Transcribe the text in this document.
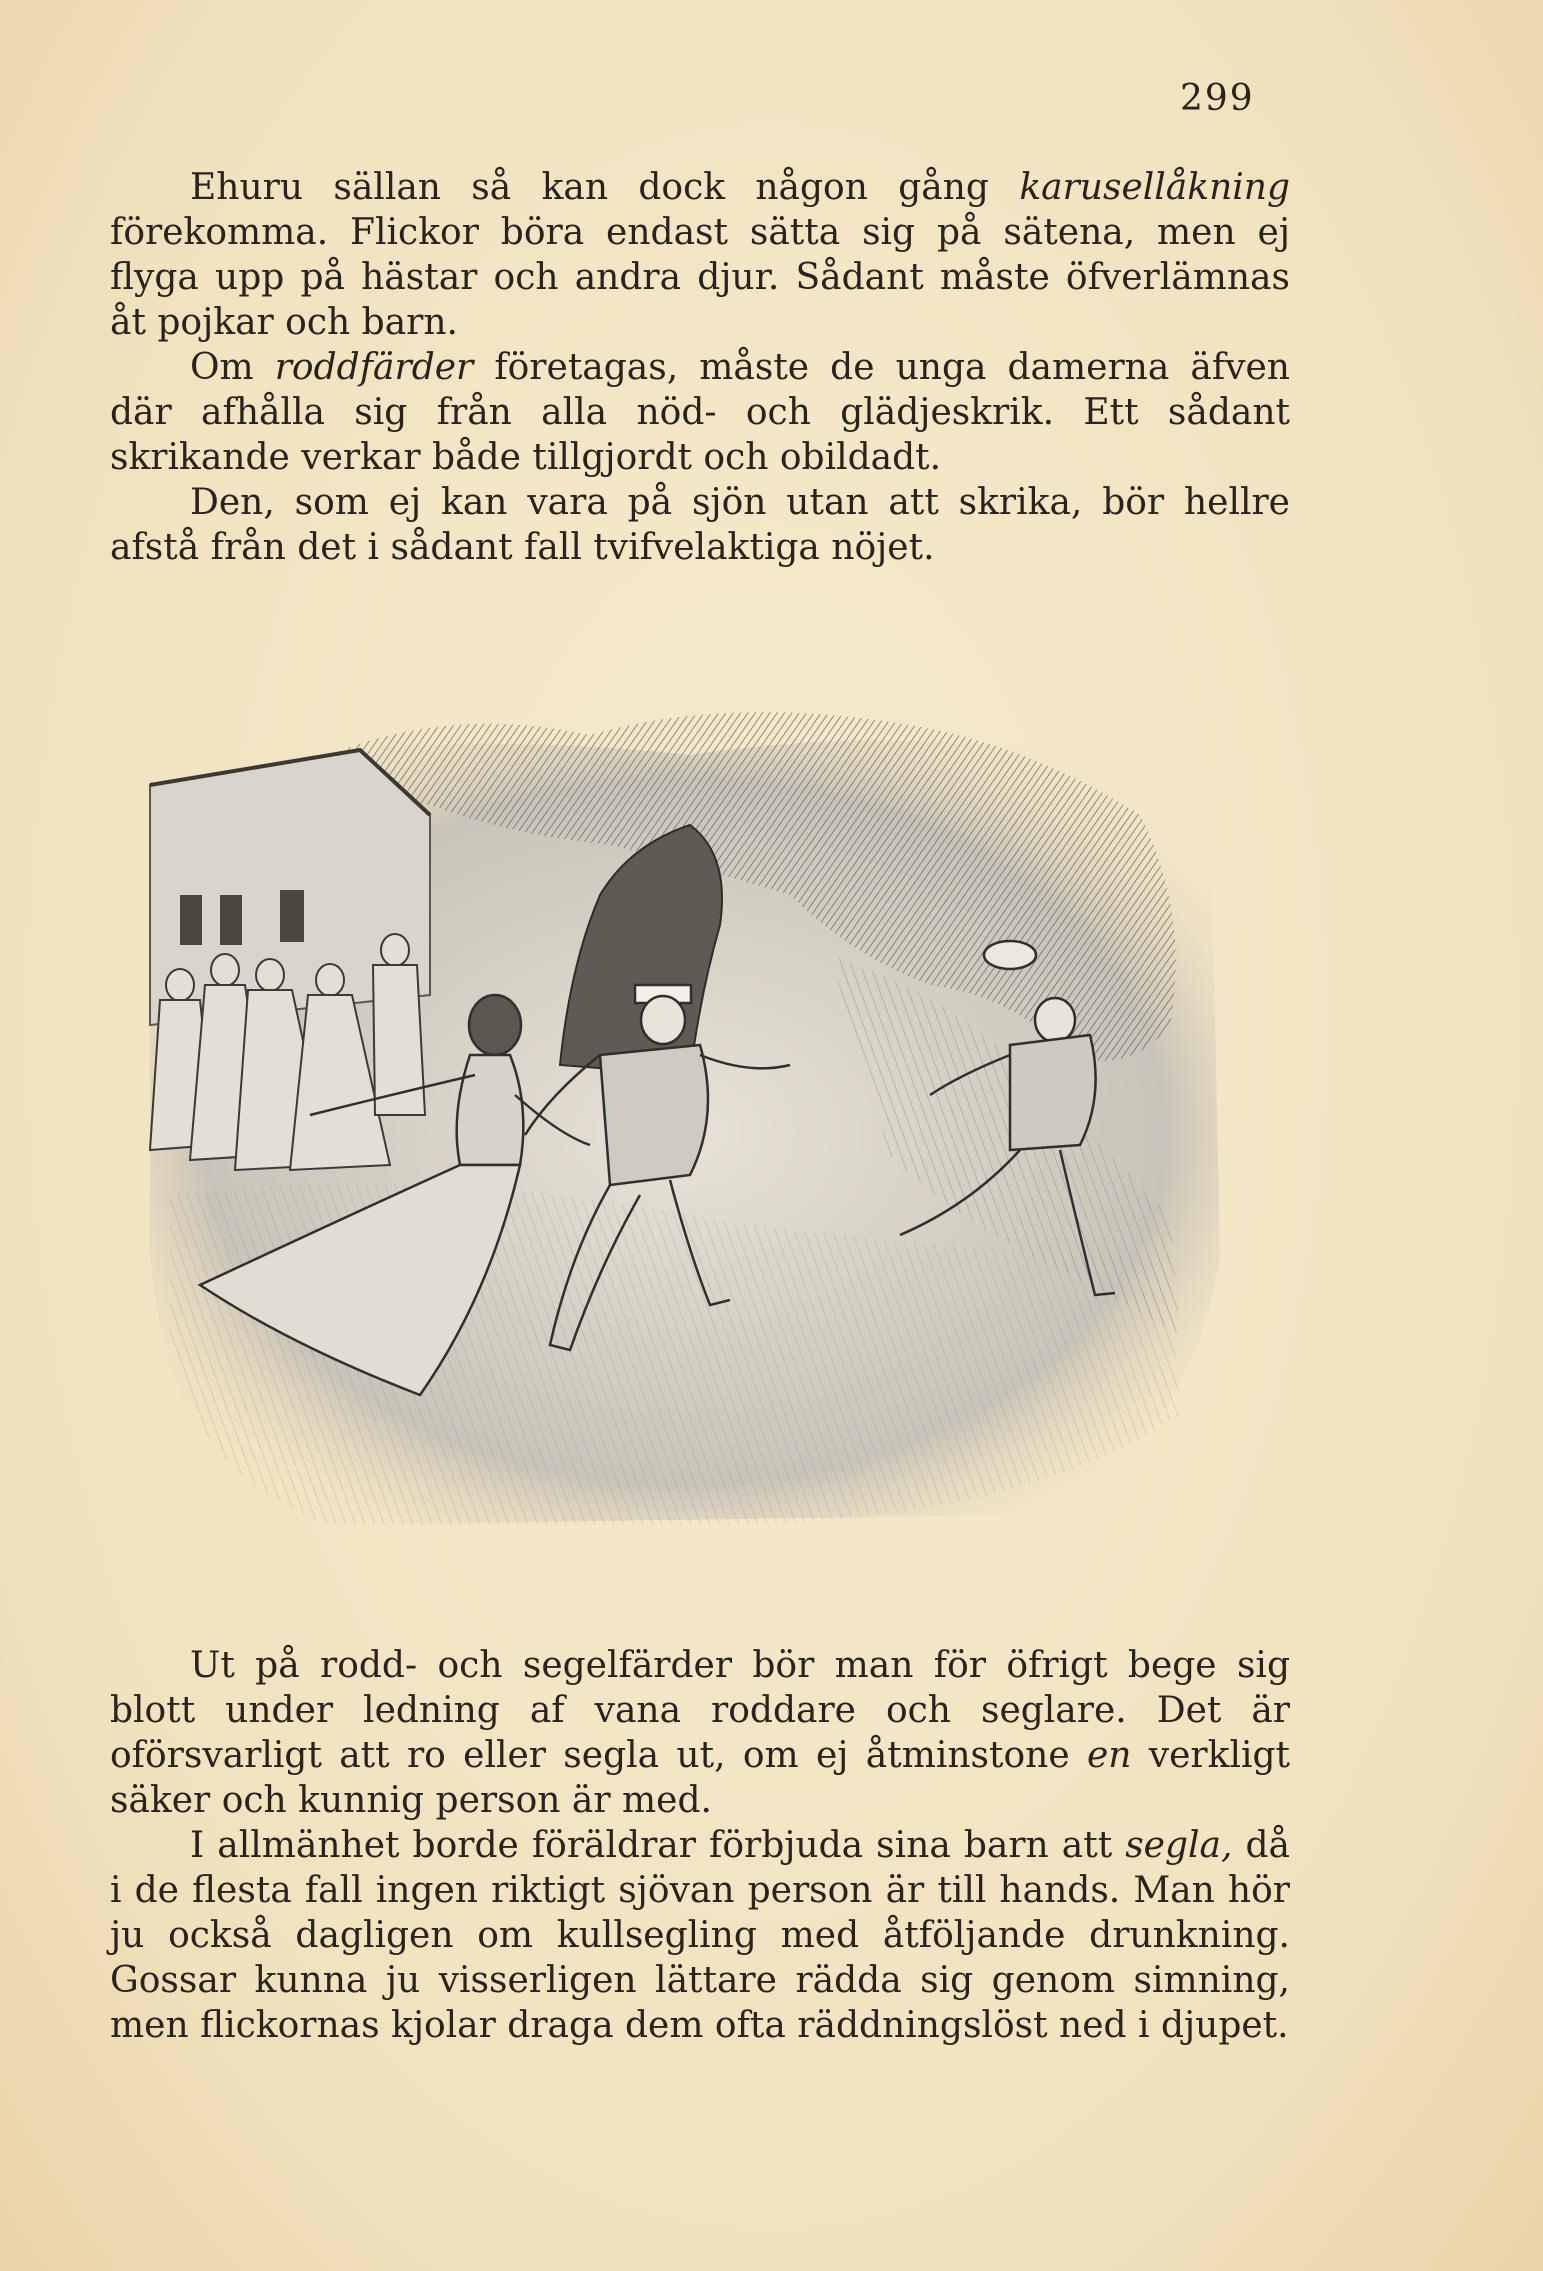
299

Ehuru sällan så kan dock någon gång karusellåkning förekomma. Flickor böra endast sätta sig på sätena, men ej flyga upp på hästar och andra djur. Sådant måste öfverlämnas åt pojkar och barn.

Om roddfärder företagas, måste de unga damerna äfven där afhålla sig från alla nöd- och glädjeskrik. Ett sådant skrikande verkar både tillgjordt och obildadt.

Den, som ej kan vara på sjön utan att skrika, bör hellre afstå från det i sådant fall tvifvelaktiga nöjet.

Ut på rodd- och segelfärder bör man för öfrigt bege sig blott under ledning af vana roddare och seglare. Det är oförsvarligt att ro eller segla ut, om ej åtminstone en verkligt säker och kunnig person är med.

I allmänhet borde föräldrar förbjuda sina barn att segla, då i de flesta fall ingen riktigt sjövan person är till hands. Man hör ju också dagligen om kullsegling med åtföljande drunkning. Gossar kunna ju visserligen lättare rädda sig genom simning, men flickornas kjolar draga dem ofta räddningslöst ned i djupet.
